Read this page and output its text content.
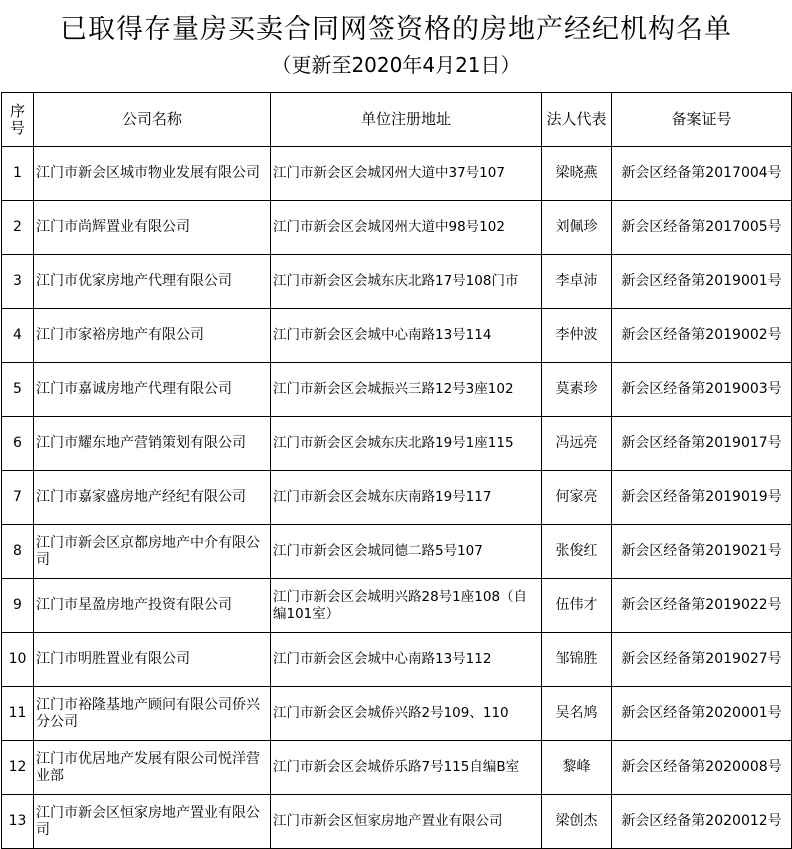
已取得存量房买卖合同网签资格的房地产经纪机构名单
（更新至2020年4月21日）
序号	公司名称	单位注册地址	法人代表	备案证号
1	江门市新会区城市物业发展有限公司	江门市新会区会城冈州大道中37号107	梁晓燕	新会区经备第2017004号
2	江门市尚辉置业有限公司	江门市新会区会城冈州大道中98号102	刘佩珍	新会区经备第2017005号
3	江门市优家房地产代理有限公司	江门市新会区会城东庆北路17号108门市	李卓沛	新会区经备第2019001号
4	江门市家裕房地产有限公司	江门市新会区会城中心南路13号114	李仲波	新会区经备第2019002号
5	江门市嘉诚房地产代理有限公司	江门市新会区会城振兴三路12号3座102	莫素珍	新会区经备第2019003号
6	江门市耀东地产营销策划有限公司	江门市新会区会城东庆北路19号1座115	冯远亮	新会区经备第2019017号
7	江门市嘉家盛房地产经纪有限公司	江门市新会区会城东庆南路19号117	何家亮	新会区经备第2019019号
8	江门市新会区京都房地产中介有限公司	江门市新会区会城同德二路5号107	张俊红	新会区经备第2019021号
9	江门市星盈房地产投资有限公司	江门市新会区会城明兴路28号1座108（自编101室）	伍伟才	新会区经备第2019022号
10	江门市明胜置业有限公司	江门市新会区会城中心南路13号112	邹锦胜	新会区经备第2019027号
11	江门市裕隆基地产顾问有限公司侨兴分公司	江门市新会区会城侨兴路2号109、110	吴名鸠	新会区经备第2020001号
12	江门市优居地产发展有限公司悦洋营业部	江门市新会区会城侨乐路7号115自编B室	黎峰	新会区经备第2020008号
13	江门市新会区恒家房地产置业有限公司	江门市新会区恒家房地产置业有限公司	梁创杰	新会区经备第2020012号
